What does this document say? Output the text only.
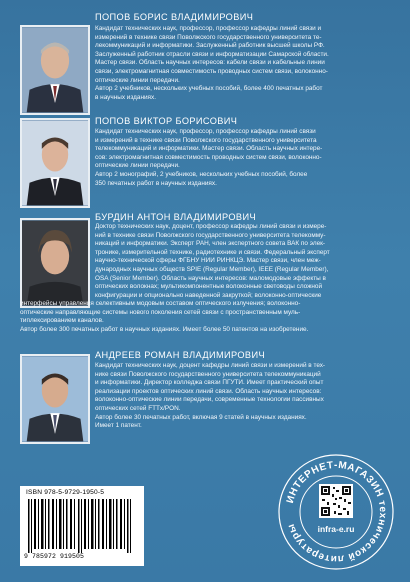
ПОПОВ БОРИС ВЛАДИМИРОВИЧ
Кандидат технических наук, профессор, профессор кафедры линий связи и
измерений в технике связи Поволжского государственного университета те-
лекоммуникаций и информатики. Заслуженный работник высшей школы РФ.
Заслуженный работник отрасли связи и информатизации Самарской области.
Мастер связи. Область научных интересов: кабели связи и кабельные линии
связи, электромагнитная совместимость проводных систем связи, волоконно-
оптические линии передачи.
Автор 2 учебников, нескольких учебных пособий, более 400 печатных работ
в научных изданиях.
ПОПОВ ВИКТОР БОРИСОВИЧ
Кандидат технических наук, профессор, профессор кафедры линий связи
и измерений в технике связи Поволжского государственного университета
телекоммуникаций и информатики. Мастер связи. Область научных интере-
сов: электромагнитная совместимость проводных систем связи, волоконно-
оптические линии передачи.
Автор 2 монографий, 2 учебников, нескольких учебных пособий, более
350 печатных работ в научных изданиях.
БУРДИН АНТОН ВЛАДИМИРОВИЧ
Доктор технических наук, доцент, профессор кафедры линий связи и измере-
ний в технике связи Поволжского государственного университета телекомму-
никаций и информатики. Эксперт РАН, член экспертного совета ВАК по элек-
тронике, измерительной технике, радиотехнике и связи. Федеральный эксперт
научно-технической сферы ФГБНУ НИИ РИНКЦЭ. Мастер связи, член меж-
дународных научных обществ SPIE (Regular Member), IEEE (Regular Member),
OSA (Senior Member). Область научных интересов: маломодовые эффекты в
оптических волокнах; мультикомпонентные волоконные световоды сложной
конфигурации и опционально наведенной закруткой; волоконно-оптические
интерфейсы управления селективным модовым составом оптического излучения; волоконно-
оптические направляющие системы нового поколения сетей связи с пространственным муль-
типлексированием каналов.
Автор более 300 печатных работ в научных изданиях. Имеет более 50 патентов на изобретение.
АНДРЕЕВ РОМАН ВЛАДИМИРОВИЧ
Кандидат технических наук, доцент кафедры линий связи и измерений в тех-
нике связи Поволжского государственного университета телекоммуникаций
и информатики. Директор колледжа связи ПГУТИ. Имеет практический опыт
реализации проектов оптических линий связи. Область научных интересов:
волоконно-оптические линии передачи, современные технологии пассивных
оптических сетей FTTx/PON.
Автор более 30 печатных работ, включая 9 статей в научных изданиях.
Имеет 1 патент.
ISBN 978-5-9729-1950-5
9 785972 919505
ИНТЕРНЕТ-МАГАЗИН технической литературы	infra-e.ru
